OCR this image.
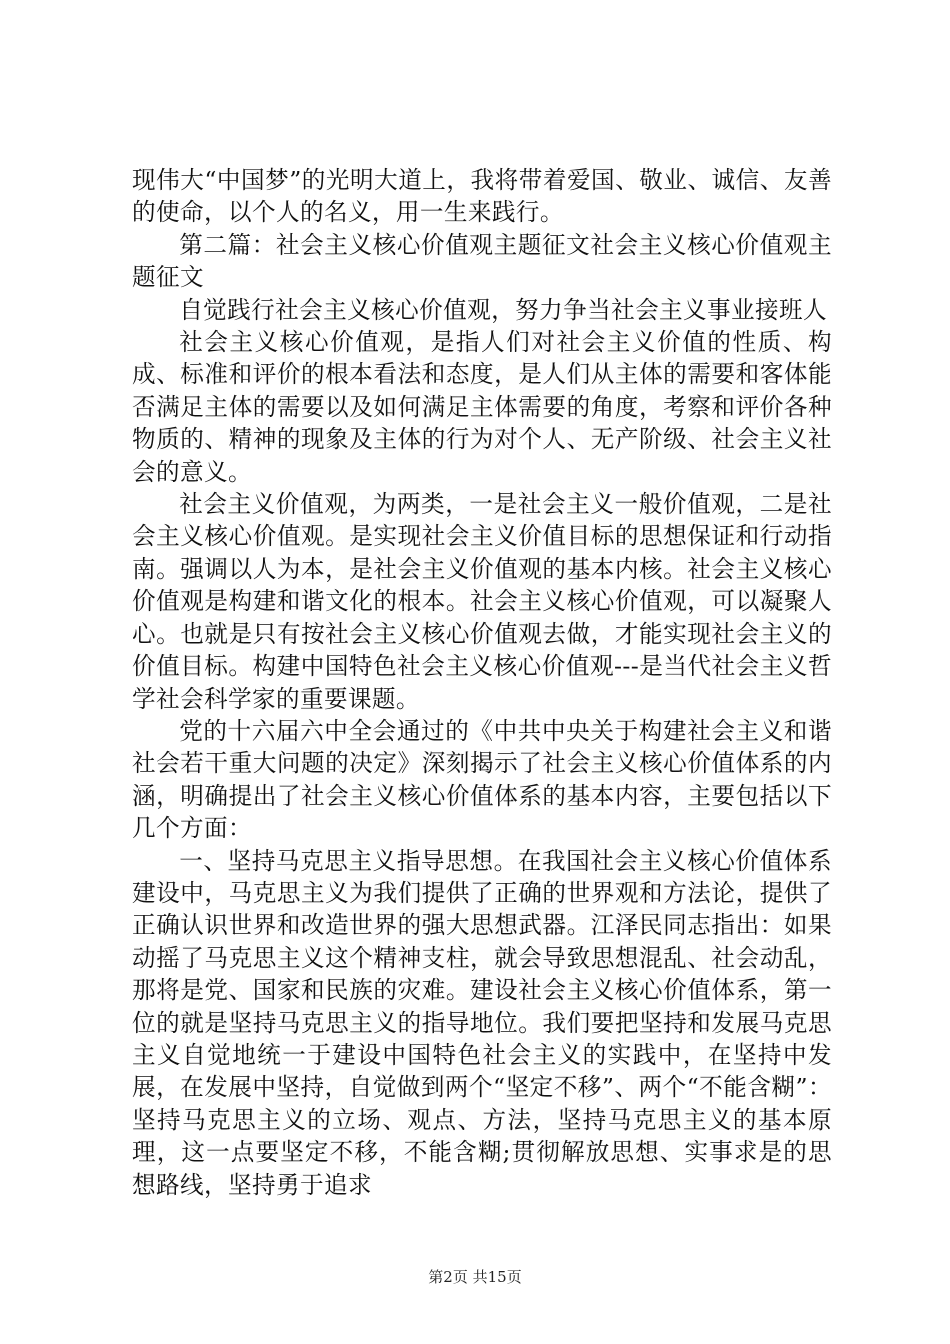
现伟大“中国梦”的光明大道上，我将带着爱国、敬业、诚信、友善的使命，以个人的名义，用一生来践行。

第二篇：社会主义核心价值观主题征文社会主义核心价值观主题征文

自觉践行社会主义核心价值观，努力争当社会主义事业接班人

社会主义核心价值观，是指人们对社会主义价值的性质、构成、标准和评价的根本看法和态度，是人们从主体的需要和客体能否满足主体的需要以及如何满足主体需要的角度，考察和评价各种物质的、精神的现象及主体的行为对个人、无产阶级、社会主义社会的意义。

社会主义价值观，为两类，一是社会主义一般价值观，二是社会主义核心价值观。是实现社会主义价值目标的思想保证和行动指南。强调以人为本，是社会主义价值观的基本内核。社会主义核心价值观是构建和谐文化的根本。社会主义核心价值观，可以凝聚人心。也就是只有按社会主义核心价值观去做，才能实现社会主义的价值目标。构建中国特色社会主义核心价值观---是当代社会主义哲学社会科学家的重要课题。

党的十六届六中全会通过的《中共中央关于构建社会主义和谐社会若干重大问题的决定》深刻揭示了社会主义核心价值体系的内涵，明确提出了社会主义核心价值体系的基本内容，主要包括以下几个方面：

一、坚持马克思主义指导思想。在我国社会主义核心价值体系建设中，马克思主义为我们提供了正确的世界观和方法论，提供了正确认识世界和改造世界的强大思想武器。江泽民同志指出：如果动摇了马克思主义这个精神支柱，就会导致思想混乱、社会动乱，那将是党、国家和民族的灾难。建设社会主义核心价值体系，第一位的就是坚持马克思主义的指导地位。我们要把坚持和发展马克思主义自觉地统一于建设中国特色社会主义的实践中，在坚持中发展，在发展中坚持，自觉做到两个“坚定不移”、两个“不能含糊”：坚持马克思主义的立场、观点、方法，坚持马克思主义的基本原理，这一点要坚定不移，不能含糊;贯彻解放思想、实事求是的思想路线，坚持勇于追求

第2页 共15页
